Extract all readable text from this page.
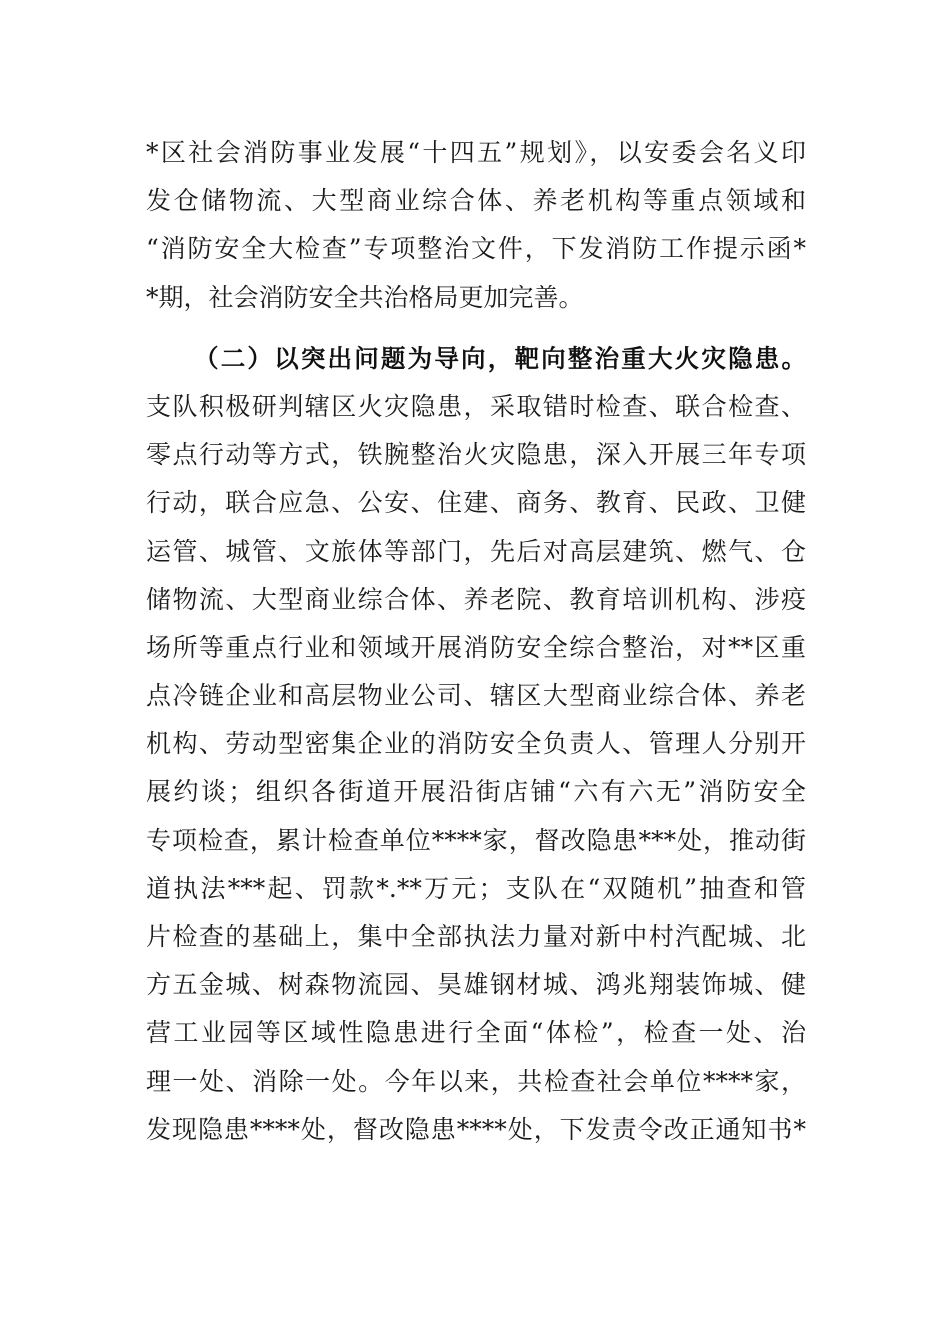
*区社会消防事业发展“十四五”规划》，以安委会名义印
发仓储物流、大型商业综合体、养老机构等重点领域和
“消防安全大检查”专项整治文件，下发消防工作提示函*
*期，社会消防安全共治格局更加完善。
（二）以突出问题为导向，靶向整治重大火灾隐患。
支队积极研判辖区火灾隐患，采取错时检查、联合检查、
零点行动等方式，铁腕整治火灾隐患，深入开展三年专项
行动，联合应急、公安、住建、商务、教育、民政、卫健
运管、城管、文旅体等部门，先后对高层建筑、燃气、仓
储物流、大型商业综合体、养老院、教育培训机构、涉疫
场所等重点行业和领域开展消防安全综合整治，对**区重
点冷链企业和高层物业公司、辖区大型商业综合体、养老
机构、劳动型密集企业的消防安全负责人、管理人分别开
展约谈；组织各街道开展沿街店铺“六有六无”消防安全
专项检查，累计检查单位****家，督改隐患***处，推动街
道执法***起、罚款*.**万元；支队在“双随机”抽查和管
片检查的基础上，集中全部执法力量对新中村汽配城、北
方五金城、树森物流园、昊雄钢材城、鸿兆翔装饰城、健
营工业园等区域性隐患进行全面“体检”，检查一处、治
理一处、消除一处。今年以来，共检查社会单位****家，
发现隐患****处，督改隐患****处，下发责令改正通知书*
